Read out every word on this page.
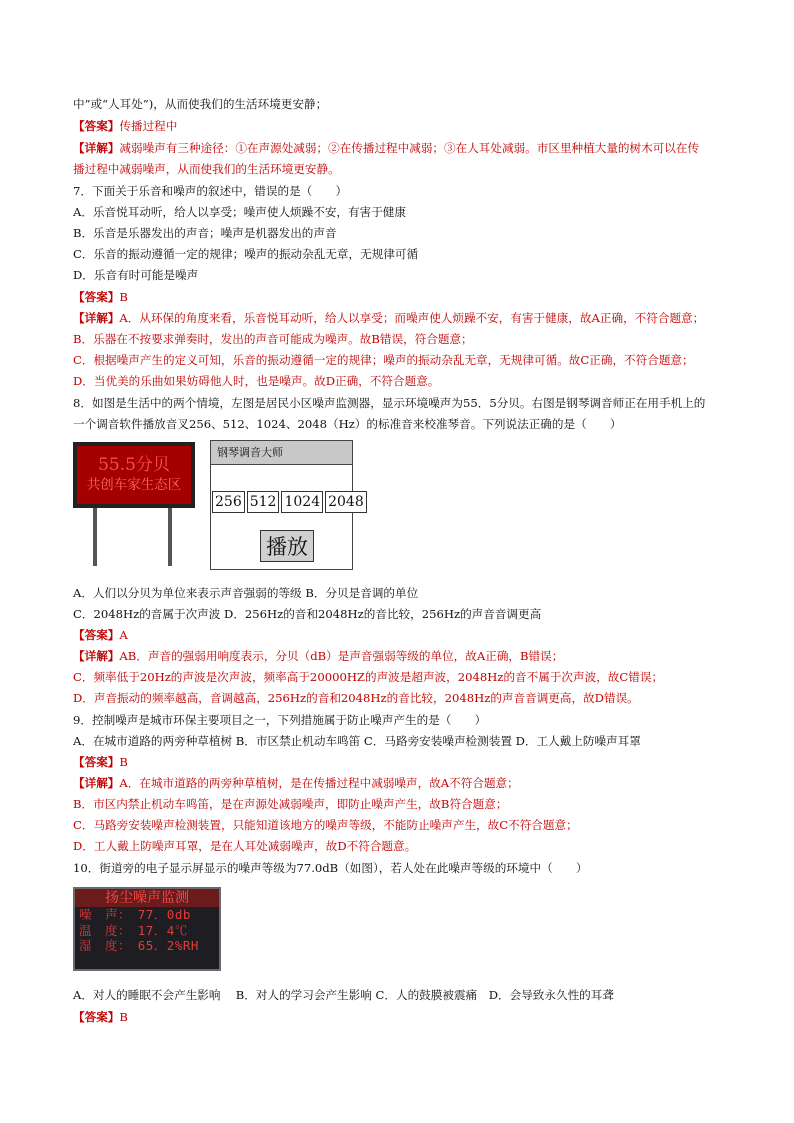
中”或“人耳处”)，从而使我们的生活环境更安静；
【答案】传播过程中
【详解】减弱噪声有三种途径：①在声源处减弱；②在传播过程中减弱；③在人耳处减弱。市区里种植大量的树木可以在传
播过程中减弱噪声，从而使我们的生活环境更安静。
7．下面关于乐音和噪声的叙述中，错误的是（　　）
A．乐音悦耳动听，给人以享受；噪声使人烦躁不安，有害于健康
B．乐音是乐器发出的声音；噪声是机器发出的声音
C．乐音的振动遵循一定的规律；噪声的振动杂乱无章，无规律可循
D．乐音有时可能是噪声
【答案】B
【详解】A．从环保的角度来看，乐音悦耳动听，给人以享受；而噪声使人烦躁不安，有害于健康，故A正确，不符合题意；
B．乐器在不按要求弹奏时，发出的声音可能成为噪声。故B错误，符合题意；
C．根据噪声产生的定义可知，乐音的振动遵循一定的规律；噪声的振动杂乱无章，无规律可循。故C正确，不符合题意；
D．当优美的乐曲如果妨碍他人时，也是噪声。故D正确，不符合题意。
8．如图是生活中的两个情境，左图是居民小区噪声监测器，显示环境噪声为55．5分贝。右图是钢琴调音师正在用手机上的
一个调音软件播放音叉256、512、1024、2048（Hz）的标准音来校准琴音。下列说法正确的是（　　）
55.5分贝
共创车家生态区
钢琴调音大师
256 512 1024 2048
播放
A．人们以分贝为单位来表示声音强弱的等级 B．分贝是音调的单位
C．2048Hz的音属于次声波 D．256Hz的音和2048Hz的音比较，256Hz的声音音调更高
【答案】A
【详解】AB．声音的强弱用响度表示，分贝（dB）是声音强弱等级的单位，故A正确，B错误；
C．频率低于20Hz的声波是次声波，频率高于20000HZ的声波是超声波，2048Hz的音不属于次声波，故C错误；
D．声音振动的频率越高，音调越高，256Hz的音和2048Hz的音比较，2048Hz的声音音调更高，故D错误。
9．控制噪声是城市环保主要项目之一，下列措施属于防止噪声产生的是（　　）
A．在城市道路的两旁种草植树 B．市区禁止机动车鸣笛 C．马路旁安装噪声检测装置 D．工人戴上防噪声耳罩
【答案】B
【详解】A．在城市道路的两旁种草植树，是在传播过程中减弱噪声，故A不符合题意；
B．市区内禁止机动车鸣笛，是在声源处减弱噪声，即防止噪声产生，故B符合题意；
C．马路旁安装噪声检测装置，只能知道该地方的噪声等级，不能防止噪声产生，故C不符合题意；
D．工人戴上防噪声耳罩，是在人耳处减弱噪声，故D不符合题意。
10．街道旁的电子显示屏显示的噪声等级为77.0dB（如图），若人处在此噪声等级的环境中（　　）
扬尘噪声监测
噪　声：　77．0db
温　度：　17．4℃
湿　度：　65．2%RH
A．对人的睡眠不会产生影响　 B．对人的学习会产生影响 C．人的鼓膜被震痛　D．会导致永久性的耳聋
【答案】B
